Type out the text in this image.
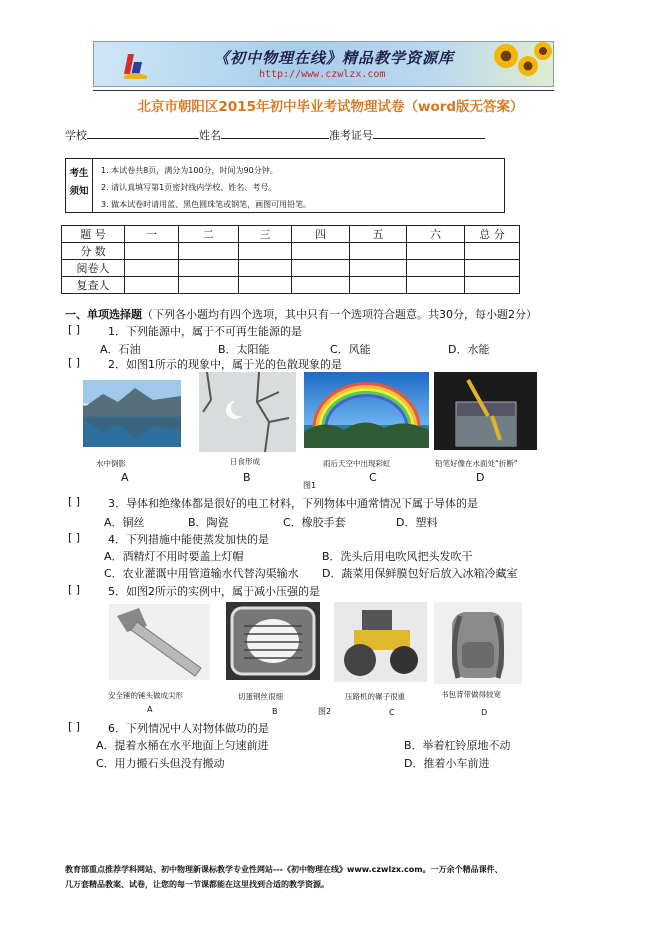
《初中物理在线》精品教学资源库
http://www.czwlzx.com
北京市朝阳区2015年初中毕业考试物理试卷（word版无答案）
学校	姓名	准考证号
考生
须知
1. 本试卷共8页，满分为100分，时间为90分钟。
2. 请认真填写第1页密封线内学校、姓名、考号。
3. 做本试卷时请用蓝、黑色圆珠笔或钢笔，画图可用铅笔。
题 号	一	二	三	四	五	六	总 分
分 数							
阅卷人							
复查人							
一、单项选择题（下列各小题均有四个选项，其中只有一个选项符合题意。共30分，每小题2分）
[ ]	1．下列能源中，属于不可再生能源的是
A．石油	B．太阳能	C．风能	D．水能
[ ]	2．如图1所示的现象中，属于光的色散现象的是
水中倒影	日食形成	雨后天空中出现彩虹	铅笔好像在水面处“折断”
A	B	C	D
图1
[ ]	3．导体和绝缘体都是很好的电工材料，下列物体中通常情况下属于导体的是
A．铜丝	B．陶瓷	C．橡胶手套	D．塑料
[ ]	4．下列措施中能使蒸发加快的是
A．酒精灯不用时要盖上灯帽	B．洗头后用电吹风把头发吹干
C．农业灌溉中用管道输水代替沟渠输水 D．蔬菜用保鲜膜包好后放入冰箱冷藏室
[ ]	5．如图2所示的实例中，属于减小压强的是
安全锤的锤头做成尖形	切蛋钢丝很细	压路机的碾子很重	书包背带做得较宽
A	B	C	D
图2
[ ]	6．下列情况中人对物体做功的是
A．提着水桶在水平地面上匀速前进	B．举着杠铃原地不动
C．用力搬石头但没有搬动	D．推着小车前进
教育部重点推荐学科网站、初中物理新课标教学专业性网站---《初中物理在线》www.czwlzx.com。一万余个精品课件、
几万套精品教案、试卷，让您的每一节课都能在这里找到合适的教学资源。
